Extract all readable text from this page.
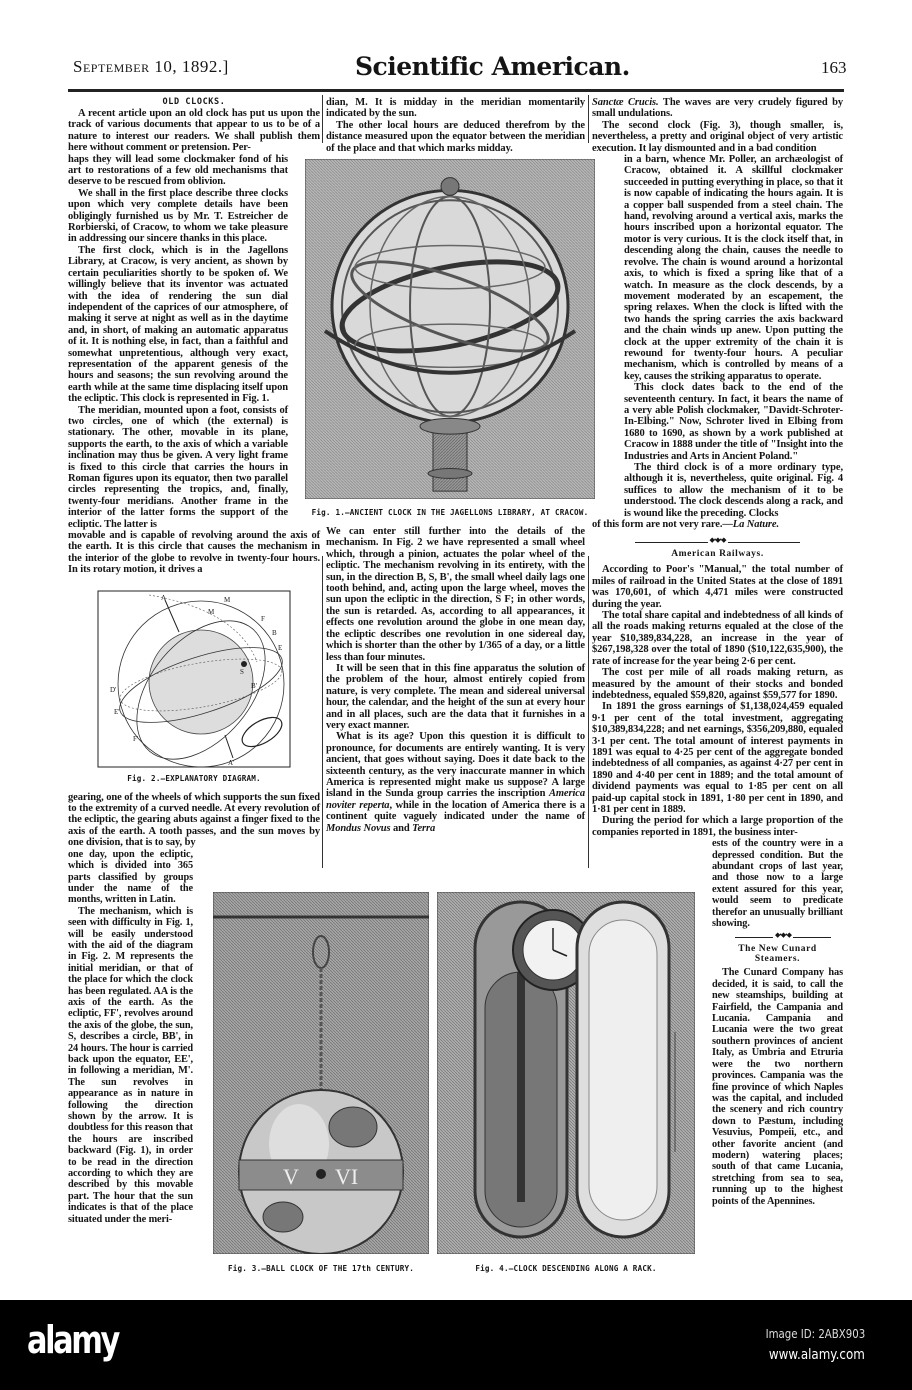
September 10, 1892.]	Scientific American.	163
OLD CLOCKS.

A recent article upon an old clock has put us upon the track of various documents that appear to us to be of a nature to interest our readers. We shall publish them here without comment or pretension. Per-

haps they will lead some clockmaker fond of his art to restorations of a few old mechanisms that deserve to be rescued from oblivion.

We shall in the first place describe three clocks upon which very complete details have been obligingly furnished us by Mr. T. Estreicher de Rorbierski, of Cracow, to whom we take pleasure in addressing our sincere thanks in this place.

The first clock, which is in the Jagellons Library, at Cracow, is very ancient, as shown by certain peculiarities shortly to be spoken of. We willingly believe that its inventor was actuated with the idea of rendering the sun dial independent of the caprices of our atmosphere, of making it serve at night as well as in the daytime and, in short, of making an automatic apparatus of it. It is nothing else, in fact, than a faithful and somewhat unpretentious, although very exact, representation of the apparent genesis of the hours and seasons; the sun revolving around the earth while at the same time displacing itself upon the ecliptic. This clock is represented in Fig. 1.

The meridian, mounted upon a foot, consists of two circles, one of which (the external) is stationary. The other, movable in its plane, supports the earth, to the axis of which a variable inclination may thus be given. A very light frame is fixed to this circle that carries the hours in Roman figures upon its equator, then two parallel circles representing the tropics, and, finally, twenty-four meridians. Another frame in the interior of the latter forms the support of the ecliptic. The latter is

movable and is capable of revolving around the axis of the earth. It is this circle that causes the mechanism in the interior of the globe to revolve in twenty-four hours. In its rotary motion, it drives a

A	M
M
F
B
E
D'
E'
F'
A'
S
B'
Fig. 2.—EXPLANATORY DIAGRAM.

gearing, one of the wheels of which supports the sun fixed to the extremity of a curved needle. At every revolution of the ecliptic, the gearing abuts against a finger fixed to the axis of the earth. A tooth passes, and the sun moves by one division, that is to say, by

one day, upon the ecliptic, which is divided into 365 parts classified by groups under the name of the months, written in Latin.

The mechanism, which is seen with difficulty in Fig. 1, will be easily understood with the aid of the diagram in Fig. 2. M represents the initial meridian, or that of the place for which the clock has been regulated. AA is the axis of the earth. As the ecliptic, FF', revolves around the axis of the globe, the sun, S, describes a circle, BB', in 24 hours. The hour is carried back upon the equator, EE', in following a meridian, M'. The sun revolves in appearance as in nature in following the direction shown by the arrow. It is doubtless for this reason that the hours are inscribed backward (Fig. 1), in order to be read in the direction according to which they are described by this movable part. The hour that the sun indicates is that of the place situated under the meri-

dian, M. It is midday in the meridian momentarily indicated by the sun.

The other local hours are deduced therefrom by the distance measured upon the equator between the meridian of the place and that which marks midday.

Fig. 1.—ANCIENT CLOCK IN THE JAGELLONS LIBRARY, AT CRACOW.

We can enter still further into the details of the mechanism. In Fig. 2 we have represented a small wheel which, through a pinion, actuates the polar wheel of the ecliptic. The mechanism revolving in its entirety, with the sun, in the direction B, S, B', the small wheel daily lags one tooth behind, and, acting upon the large wheel, moves the sun upon the ecliptic in the direction, S F; in other words, the sun is retarded. As, according to all appearances, it effects one revolution around the globe in one mean day, the ecliptic describes one revolution in one sidereal day, which is shorter than the other by 1/365 of a day, or a little less than four minutes.

It will be seen that in this fine apparatus the solution of the problem of the hour, almost entirely copied from nature, is very complete. The mean and sidereal universal hour, the calendar, and the height of the sun at every hour and in all places, such are the data that it furnishes in a very exact manner.

What is its age? Upon this question it is difficult to pronounce, for documents are entirely wanting. It is very ancient, that goes without saying. Does it date back to the sixteenth century, as the very inaccurate manner in which America is represented might make us suppose? A large island in the Sunda group carries the inscription America noviter reperta, while in the location of America there is a continent quite vaguely indicated under the name of Mondus Novus and Terra

Sanctæ Crucis. The waves are very crudely figured by small undulations.

The second clock (Fig. 3), though smaller, is, nevertheless, a pretty and original object of very artistic execution. It lay dismounted and in a bad condition

in a barn, whence Mr. Poller, an archæologist of Cracow, obtained it. A skillful clockmaker succeeded in putting everything in place, so that it is now capable of indicating the hours again. It is a copper ball suspended from a steel chain. The hand, revolving around a vertical axis, marks the hours inscribed upon a horizontal equator. The motor is very curious. It is the clock itself that, in descending along the chain, causes the needle to revolve. The chain is wound around a horizontal axis, to which is fixed a spring like that of a watch. In measure as the clock descends, by a movement moderated by an escapement, the spring relaxes. When the clock is lifted with the two hands the spring carries the axis backward and the chain winds up anew. Upon putting the clock at the upper extremity of the chain it is rewound for twenty-four hours. A peculiar mechanism, which is controlled by means of a key, causes the striking apparatus to operate.

This clock dates back to the end of the seventeenth century. In fact, it bears the name of a very able Polish clockmaker, "Davidt-Schroter-In-Elbing." Now, Schroter lived in Elbing from 1680 to 1690, as shown by a work published at Cracow in 1888 under the title of "Insight into the Industries and Arts in Ancient Poland."

The third clock is of a more ordinary type, although it is, nevertheless, quite original. Fig. 4 suffices to allow the mechanism of it to be understood. The clock descends along a rack, and is wound like the preceding. Clocks

of this form are not very rare.—La Nature.

◆•◆•◆
American Railways.

According to Poor's "Manual," the total number of miles of railroad in the United States at the close of 1891 was 170,601, of which 4,471 miles were constructed during the year.

The total share capital and indebtedness of all kinds of all the roads making returns equaled at the close of the year $10,389,834,228, an increase in the year of $267,198,328 over the total of 1890 ($10,122,635,900), the rate of increase for the year being 2·6 per cent.

The cost per mile of all roads making return, as measured by the amount of their stocks and bonded indebtedness, equaled $59,820, against $59,577 for 1890.

In 1891 the gross earnings of $1,138,024,459 equaled 9·1 per cent of the total investment, aggregating $10,389,834,228; and net earnings, $356,209,880, equaled 3·1 per cent. The total amount of interest payments in 1891 was equal to 4·25 per cent of the aggregate bonded indebtedness of all companies, as against 4·27 per cent in 1890 and 4·40 per cent in 1889; and the total amount of dividend payments was equal to 1·85 per cent on all paid-up capital stock in 1891, 1·80 per cent in 1890, and 1·81 per cent in 1889.

During the period for which a large proportion of the companies reported in 1891, the business inter-

ests of the country were in a depressed condition. But the abundant crops of last year, and those now to a large extent assured for this year, would seem to predicate therefor an unusually brilliant showing.

◆•◆•◆
The New Cunard
Steamers.

The Cunard Company has decided, it is said, to call the new steamships, building at Fairfield, the Campania and Lucania. Campania and Lucania were the two great southern provinces of ancient Italy, as Umbria and Etruria were the two northern provinces. Campania was the fine province of which Naples was the capital, and included the scenery and rich country down to Pæstum, including Vesuvius, Pompeii, etc., and other favorite ancient (and modern) watering places; south of that came Lucania, stretching from sea to sea, running up to the highest points of the Apennines.

V VI
Fig. 3.—BALL CLOCK OF THE 17th CENTURY.	Fig. 4.—CLOCK DESCENDING ALONG A RACK.
alamy	Image ID: 2ABX903
www.alamy.com
